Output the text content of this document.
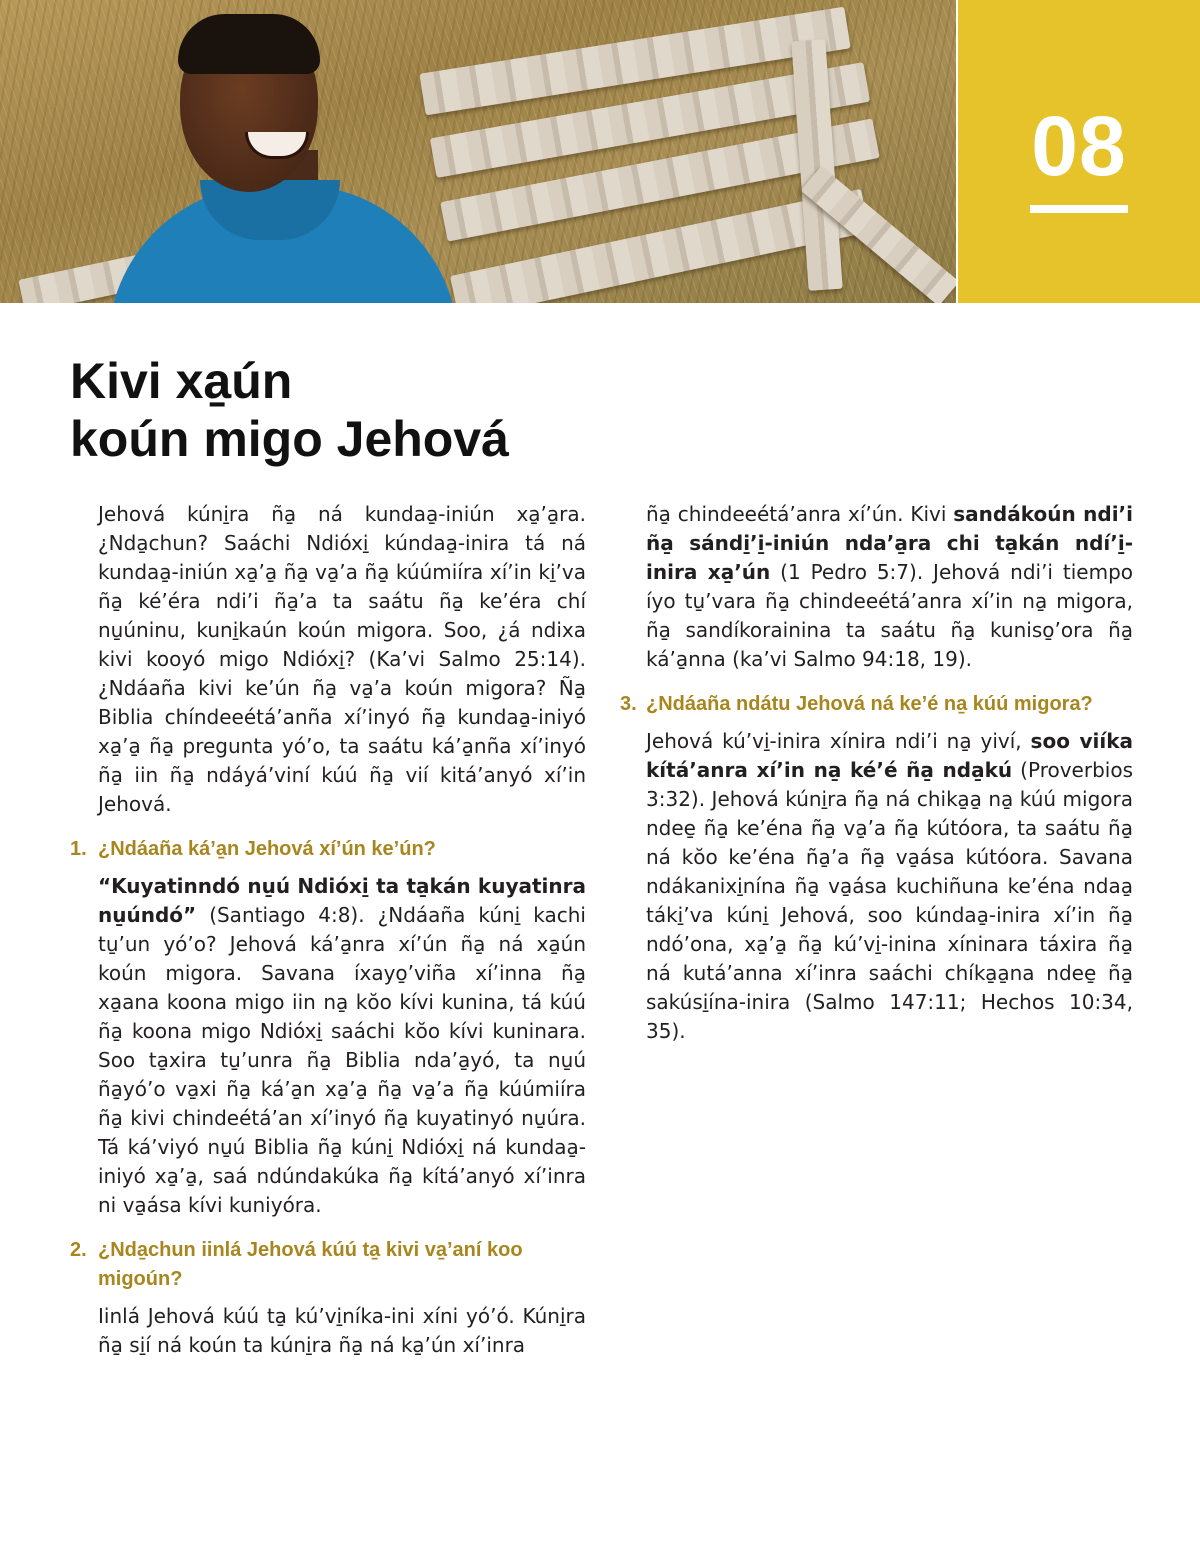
08
Kivi xa̱ún
koún migo Jehová

Jehová kúni̱ra ña̱ ná kundaa̱-iniún xa̱’a̱ra. ¿Nda̱chun? Saáchi Ndióxi̱ kúndaa̱-inira tá ná kundaa̱-iniún xa̱’a̱ ña̱ va̱’a ña̱ kúúmiíra xí’in ki̱’va ña̱ ké’éra ndi’i ña̱’a ta saátu ña̱ ke’éra chí nu̱úninu, kuni̱kaún koún migora. Soo, ¿á ndixa kivi kooyó migo Ndióxi̱? (Ka’vi Salmo 25:14). ¿Ndáaña kivi ke’ún ña̱ va̱’a koún migora? Ña̱ Biblia chíndeeétá’anña xí’inyó ña̱ kundaa̱-iniyó xa̱’a̱ ña̱ pregunta yó’o, ta saátu ká’a̱nña xí’inyó ña̱ iin ña̱ ndáyá’viní kúú ña̱ vií kitá’anyó xí’in Jehová.

1. ¿Ndáaña ká’a̱n Jehová xí’ún ke’ún?

“Kuyatinndó nu̱ú Ndióxi̱ ta ta̱kán kuyatinra nu̱úndó” (Santiago 4:8). ¿Ndáaña kúni̱ kachi tu̱’un yó’o? Jehová ká’a̱nra xí’ún ña̱ ná xa̱ún koún migora. Savana íxayo̱’viña xí’inna ña̱ xa̱ana koona migo iin na̱ kŏo kívi kunina, tá kúú ña̱ koona migo Ndióxi̱ saáchi kŏo kívi kuninara. Soo ta̱xira tu̱’unra ña̱ Biblia nda’a̱yó, ta nu̱ú ña̱yó’o va̱xi ña̱ ká’a̱n xa̱’a̱ ña̱ va̱’a ña̱ kúúmiíra ña̱ kivi chindeétá’an xí’inyó ña̱ kuyatinyó nu̱úra. Tá ká’viyó nu̱ú Biblia ña̱ kúni̱ Ndióxi̱ ná kundaa̱-iniyó xa̱’a̱, saá ndúndakúka ña̱ kítá’anyó xí’inra ni va̱ása kívi kuniyóra.

2. ¿Nda̱chun iinlá Jehová kúú ta̱ kivi va̱’aní koo migoún?

Iinlá Jehová kúú ta̱ kú’vi̱níka-ini xíni yó’ó. Kúni̱ra ña̱ si̱í ná koún ta kúni̱ra ña̱ ná ka̱’ún xí’inra

ña̱ chindeeétá’anra xí’ún. Kivi sandákoún ndi’i ña̱ sándi̱’i̱-iniún nda’a̱ra chi ta̱kán ndí’i̱-inira xa̱’ún (1 Pedro 5:7). Jehová ndi’i tiempo íyo tu̱’vara ña̱ chindeeétá’anra xí’in na̱ migora, ña̱ sandíkorainina ta saátu ña̱ kuniso̱’ora ña̱ ká’a̱nna (ka’vi Salmo 94:18, 19).

3. ¿Ndáaña ndátu Jehová ná ke’é na̱ kúú migora?

Jehová kú’vi̱-inira xínira ndi’i na̱ yiví, soo viíka kítá’anra xí’in na̱ ké’é ña̱ nda̱kú (Proverbios 3:32). Jehová kúni̱ra ña̱ ná chika̱a̱ na̱ kúú migora ndee̱ ña̱ ke’éna ña̱ va̱’a ña̱ kútóora, ta saátu ña̱ ná kŏo ke’éna ña̱’a ña̱ va̱ása kútóora. Savana ndákanixi̱nína ña̱ va̱ása kuchiñuna ke’éna ndaa̱ táki̱’va kúni̱ Jehová, soo kúndaa̱-inira xí’in ña̱ ndó’ona, xa̱’a̱ ña̱ kú’vi̱-inina xíninara táxira ña̱ ná kutá’anna xí’inra saáchi chíka̱a̱na ndee̱ ña̱ sakúsi̱ína-inira (Salmo 147:11; Hechos 10:34, 35).
